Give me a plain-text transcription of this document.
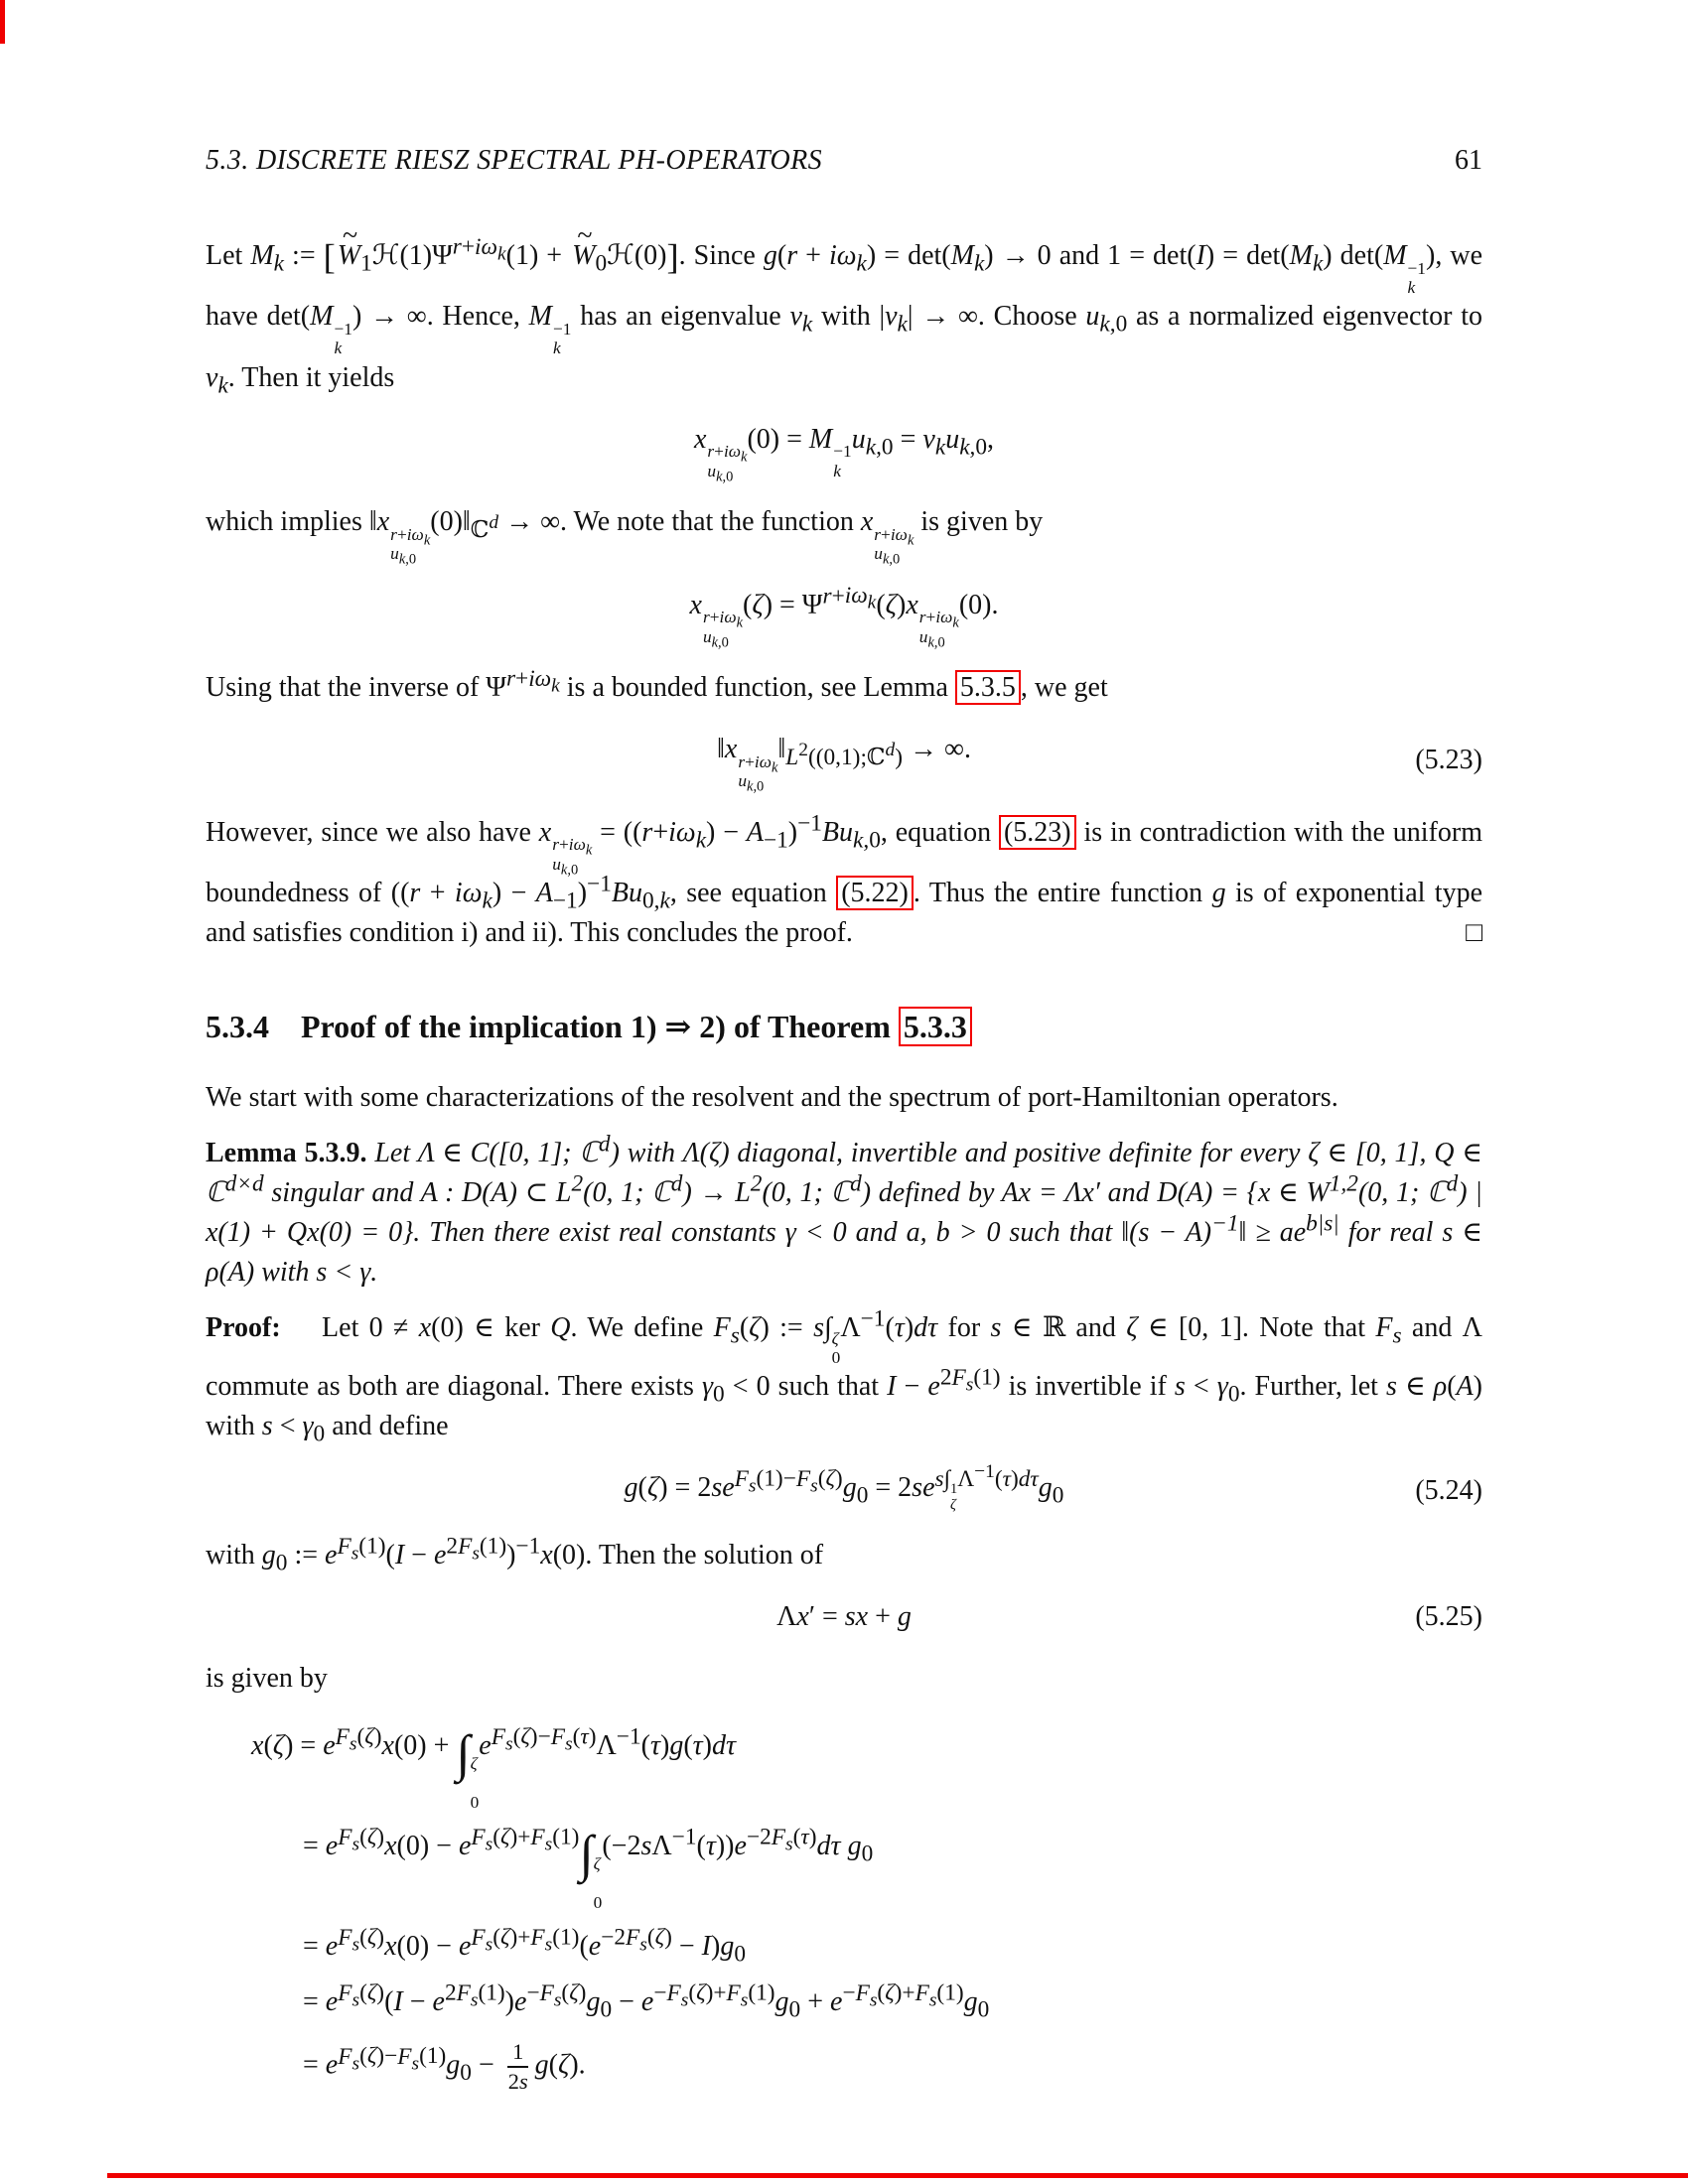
5.3. DISCRETE RIESZ SPECTRAL PH-OPERATORS	61

Let $M_k$ := [W $\sim_1ℋ(1)\Psi^{r+i\omega_k}(1) + W$ $\sim_0ℋ(0)$]. Since $g(r + i\omega_k) = \det(M_k) \to 0$ and $1 = \det(I) = \det(M_k)$ det(M −1
k
), we have det(M −1
k
) → ∞. Hence, M −1
k
has an eigenvalue $\nu_k$ with $|\nu_k|$ → ∞. Choose $u_{k,0}$ as a normalized eigenvector to $\nu_k$. Then it yields

x $r+i\omega_k$
$u_{k,0}$
(0) = M −1
k
$u_{k,0} = \nu_ku_{k,0}$,

which implies ‖x $r+i\omega_k$
$u_{k,0}$
$(0)‖_{ℂ^d}$ → ∞. We note that the function x $r+i\omega_k$
$u_{k,0}$
is given by

x $r+i\omega_k$
$u_{k,0}$
$(\zeta) = \Psi^{r+i\omega_k}(\zeta)x$ $r+i\omega_k$
$u_{k,0}$
(0).

Using that the inverse of $\Psi^{r+i\omega_k}$ is a bounded function, see Lemma 5.3.5 , we get

‖x $r+i\omega_k$
$u_{k,0}$
$‖_{L^2((0,1);ℂ^d)}$ → ∞.	(5.23)

However, since we also have x $r+i\omega_k$
$u_{k,0}$
= $((r+i\omega_k) - A_{-1})^{-1}Bu_{k,0}$, equation (5.23) is in contradiction with the uniform boundedness of $((r + i\omega_k) - A_{-1})^{-1}Bu_{0,k}$, see equation (5.22) . Thus the entire function g is of exponential type and satisfies condition i) and ii). This concludes the proof.	□

5.3.4    Proof of the implication 1) ⇒ 2) of Theorem 5.3.3

We start with some characterizations of the resolvent and the spectrum of port-Hamiltonian operators.

Lemma 5.3.9. Let Λ ∈ C([0, 1]; ℂ$^d$) with Λ(ζ) diagonal, invertible and positive definite for every ζ ∈ [0, 1], Q ∈ ℂ$^{d\times d}$ singular and A : D(A) ⊂ $L^2(0$, 1; ℂ$^d$) → $L^2(0$, 1; ℂ$^d$) defined by Ax = Λx′ and D(A) = {x ∈ W$^{1,2}$(0, 1; ℂ$^d$) | x(1) + Qx(0) = 0}. Then there exist real constants γ < 0 and a, b > 0 such that ‖(s − A)$^{-1}$‖ ≥ $ae^{b|s|}$ for real s ∈ ρ(A) with s < γ.

Proof:    Let 0 ≠ x(0) ∈ ker Q. We define $F_s(\zeta)$ := s∫ ζ
0
$\Lambda^{-1}(\tau)d\tau$ for s ∈ ℝ and ζ ∈ [0, 1]. Note that $F_s$ and Λ commute as both are diagonal. There exists $\gamma_0 < 0$ such that $I - e^{2F_s(1)}$ is invertible if $s < \gamma_0$. Further, let s ∈ ρ(A) with $s < \gamma_0$ and define

$g(\zeta) = 2se^{F_s(1)-F_s(\zeta)}g_0 = 2se^{s\int 1 \zeta \Lambda^{-1}(\tau)d\tau}g_0$	(5.24)

with $g_0$ := $e^{F_s(1)}(I - e^{2F_s(1)})^{-1}x(0)$. Then the solution of

Λx′ = sx + g	(5.25)

is given by

$x(\zeta) = e^{F_s(\zeta)}x(0)$ + ∫ ζ
0
$e^{F_s(\zeta)-F_s(\tau)}\Lambda^{-1}(\tau)g(\tau)d\tau$
= $e^{F_s(\zeta)}x(0) - e^{F_s(\zeta)+F_s(1)}\int$ ζ
0
$(-2s\Lambda^{-1}(\tau))e^{-2F_s(\tau)}d\tau$ $g_0$
= $e^{F_s(\zeta)}x(0) - e^{F_s(\zeta)+F_s(1)}(e^{-2F_s(\zeta)} - I)g_0$
= $e^{F_s(\zeta)}(I - e^{2F_s(1)})e^{-F_s(\zeta)}g_0 - e^{-F_s(\zeta)+F_s(1)}g_0 + e^{-F_s(\zeta)+F_s(1)}g_0$
= $e^{F_s(\zeta)-F_s(1)}g_0 - \frac{1}{2s} g(\zeta)$.
